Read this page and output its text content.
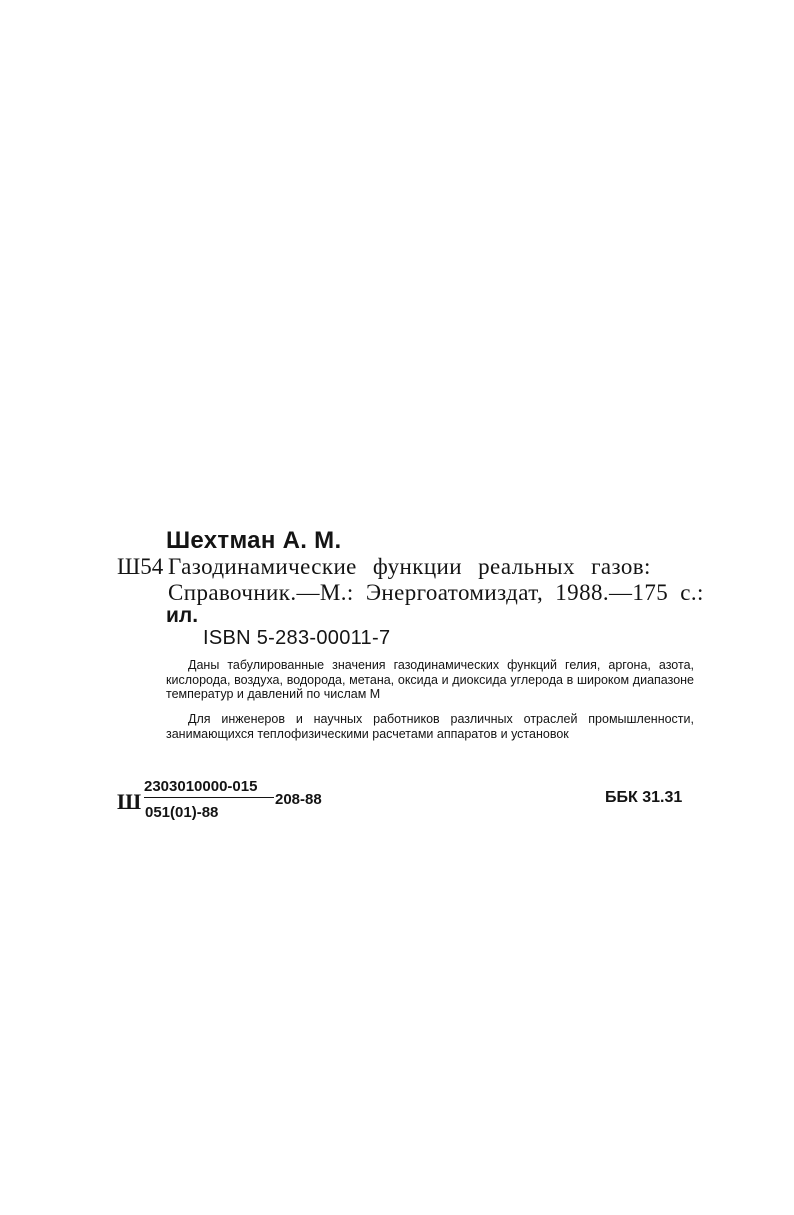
Шехтман А. М.
Ш54 Газодинамические функции реальных газов:
Справочник.—М.: Энергоатомиздат, 1988.—175 с.:
ил.
ISBN 5-283-00011-7
Даны табулированные значения газодинамических функций гелия, аргона, азота, кислорода, воздуха, водорода, метана, оксида и диоксида углерода в широком диапазоне температур и давлений по числам М
Для инженеров и научных работников различных отраслей промышленности, занимающихся теплофизическими расчетами аппаратов и установок
Ш
2303010000-015
051(01)-88
208-88	ББК 31.31
